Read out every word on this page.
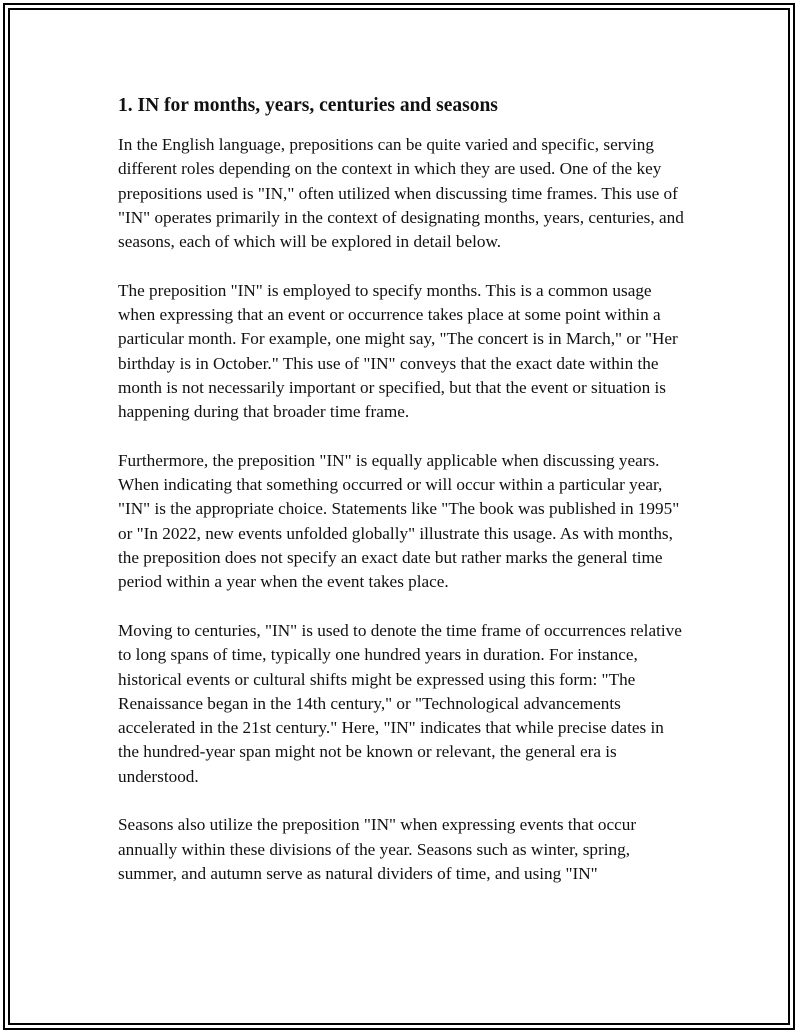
1. IN for months, years, centuries and seasons

In the English language, prepositions can be quite varied and specific, serving different roles depending on the context in which they are used. One of the key prepositions used is "IN," often utilized when discussing time frames. This use of "IN" operates primarily in the context of designating months, years, centuries, and seasons, each of which will be explored in detail below.

The preposition "IN" is employed to specify months. This is a common usage when expressing that an event or occurrence takes place at some point within a particular month. For example, one might say, "The concert is in March," or "Her birthday is in October." This use of "IN" conveys that the exact date within the month is not necessarily important or specified, but that the event or situation is happening during that broader time frame.

Furthermore, the preposition "IN" is equally applicable when discussing years. When indicating that something occurred or will occur within a particular year, "IN" is the appropriate choice. Statements like "The book was published in 1995" or "In 2022, new events unfolded globally" illustrate this usage. As with months, the preposition does not specify an exact date but rather marks the general time period within a year when the event takes place.

Moving to centuries, "IN" is used to denote the time frame of occurrences relative to long spans of time, typically one hundred years in duration. For instance, historical events or cultural shifts might be expressed using this form: "The Renaissance began in the 14th century," or "Technological advancements accelerated in the 21st century." Here, "IN" indicates that while precise dates in the hundred-year span might not be known or relevant, the general era is understood.

Seasons also utilize the preposition "IN" when expressing events that occur annually within these divisions of the year. Seasons such as winter, spring, summer, and autumn serve as natural dividers of time, and using "IN"
